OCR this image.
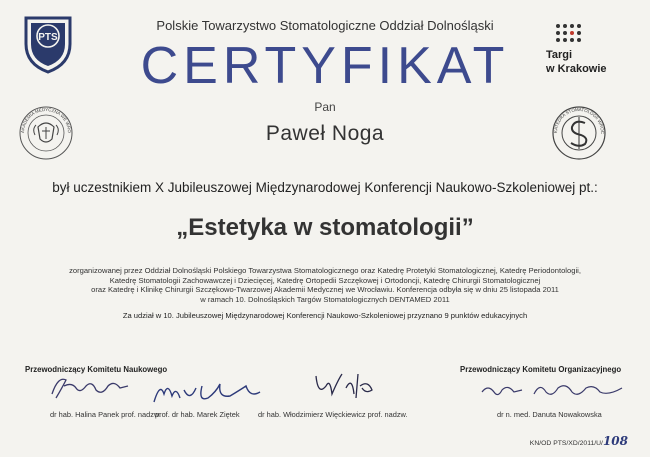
PTS
Targi
w Krakowie
AKADEMIA MEDYCZNA WE WRO	KATEDRA STOMATOLOGII WROC
Polskie Towarzystwo Stomatologiczne Oddział Dolnośląski
CERTYFIKAT
Pan
Paweł Noga
był uczestnikiem X Jubileuszowej Międzynarodowej Konferencji Naukowo-Szkoleniowej pt.:
„Estetyka w stomatologii”
zorganizowanej przez Oddział Dolnośląski Polskiego Towarzystwa Stomatologicznego oraz Katedrę Protetyki Stomatologicznej, Katedrę Periodontologii,
Katedrę Stomatologii Zachowawczej i Dziecięcej, Katedrę Ortopedii Szczękowej i Ortodoncji, Katedrę Chirurgii Stomatologicznej
oraz Katedrę i Klinikę Chirurgii Szczękowo-Twarzowej Akademii Medycznej we Wrocławiu. Konferencja odbyła się w dniu 25 listopada 2011
w ramach 10. Dolnośląskich Targów Stomatologicznych DENTAMED 2011
Za udział w 10. Jubileuszowej Międzynarodowej Konferencji Naukowo-Szkoleniowej przyznano 9 punktów edukacyjnych
Przewodniczący Komitetu Naukowego	Przewodniczący Komitetu Organizacyjnego
dr hab. Halina Panek prof. nadzw.
prof. dr hab. Marek Ziętek dr hab. Włodzimierz Więckiewicz prof. nadzw.	dr n. med. Danuta Nowakowska
KN/OD PTS/XD/2011/U/108
